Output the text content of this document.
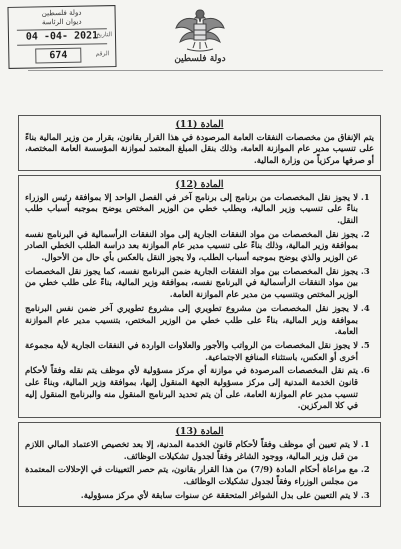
دولة فلسطين
ديوان الرئاسة
04 -04- 2021
التاريخ
674	الرقم
دولة فلسطين
المادة (11)

يتم الإنفاق من مخصصات النفقات العامة المرصودة في هذا القرار بقانون، بقرار من وزير المالية بناءً على تنسيب مدير عام الموازنة العامة، وذلك بنقل المبلغ المعتمد لموازنة المؤسسة العامة المختصة، أو صرفها مركزياً من وزارة المالية.

المادة (12)
1. لا يجوز نقل المخصصات من برنامج إلى برنامج آخر في الفصل الواحد إلا بموافقة رئيس الوزراء بناءً على تنسيب وزير المالية، وبطلب خطي من الوزير المختص يوضح بموجبه أسباب طلب النقل.
2. يجوز نقل المخصصات من مواد النفقات الجارية إلى مواد النفقات الرأسمالية في البرنامج نفسه بموافقة وزير المالية، وذلك بناءً على تنسيب مدير عام الموازنة بعد دراسة الطلب الخطي الصادر عن الوزير والذي يوضح بموجبه أسباب الطلب، ولا يجوز النقل بالعكس بأي حال من الأحوال.
3. يجوز نقل المخصصات بين مواد النفقات الجارية ضمن البرنامج نفسه، كما يجوز نقل المخصصات بين مواد النفقات الرأسمالية في البرنامج نفسه، بموافقة وزير المالية، بناءً على طلب خطي من الوزير المختص وبتنسيب من مدير عام الموازنة العامة.
4. لا يجوز نقل المخصصات من مشروع تطويري إلى مشروع تطويري آخر ضمن نفس البرنامج بموافقة وزير المالية، بناءً على طلب خطي من الوزير المختص، بتنسيب مدير عام الموازنة العامة.
5. لا يجوز نقل المخصصات من الرواتب والأجور والعلاوات الواردة في النفقات الجارية لأية مجموعة أخرى أو العكس، باستثناء المنافع الاجتماعية.
6. يتم نقل المخصصات المرصودة في موازنة أي مركز مسؤولية لأي موظف يتم نقله وفقاً لأحكام قانون الخدمة المدنية إلى مركز مسؤولية الجهة المنقول إليها، بموافقة وزير المالية، وبناءً على تنسيب مدير عام الموازنة العامة، على أن يتم تحديد البرنامج المنقول منه والبرنامج المنقول إليه في كلا المركزين.
المادة (13)
1. لا يتم تعيين أي موظف وفقاً لأحكام قانون الخدمة المدنية، إلا بعد تخصيص الاعتماد المالي اللازم من قبل وزير المالية، ووجود الشاغر وفقاً لجدول تشكيلات الوظائف.
2. مع مراعاة أحكام المادة (7/9) من هذا القرار بقانون، يتم حصر التعيينات في الإحلالات المعتمدة من مجلس الوزراء وفقاً لجدول تشكيلات الوظائف.
3. لا يتم التعيين على بدل الشواغر المتحققة عن سنوات سابقة لأي مركز مسؤولية.
